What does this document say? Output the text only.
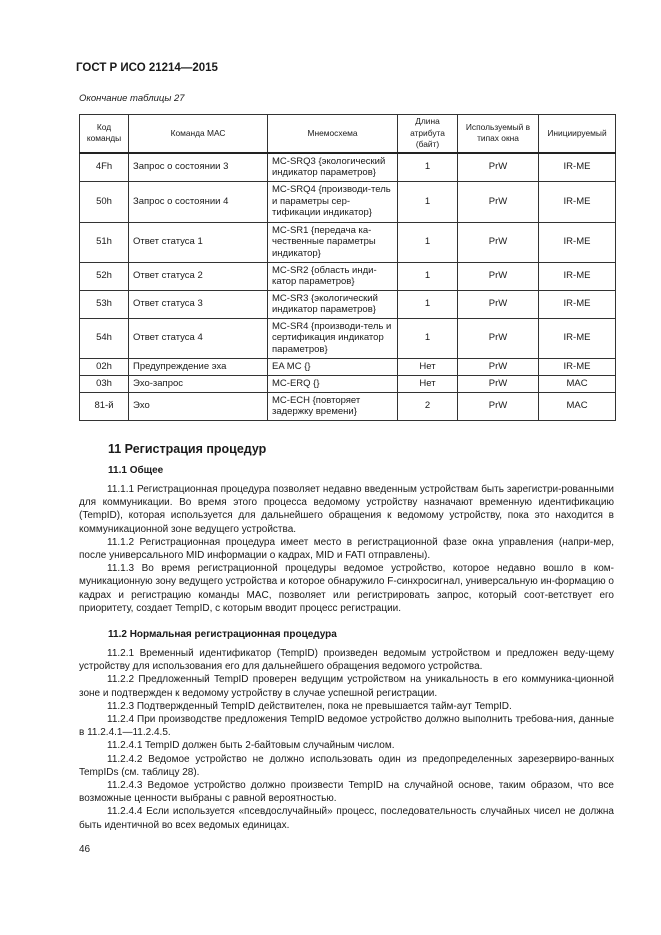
ГОСТ Р ИСО 21214—2015
Окончание таблицы 27
Код команды	Команда МАС	Мнемосхема	Длина атрибута (байт)	Используемый в типах окна	Инициируемый
4Fh	Запрос о состоянии 3	MC-SRQ3 {экологический индикатор параметров}	1	PrW	IR-ME
50h	Запрос о состоянии 4	MC-SRQ4 {производи-тель и параметры сер-тификации индикатор}	1	PrW	IR-ME
51h	Ответ статуса 1	MC-SR1 {передача ка-чественные параметры индикатор}	1	PrW	IR-ME
52h	Ответ статуса 2	MC-SR2 {область инди-катор параметров}	1	PrW	IR-ME
53h	Ответ статуса 3	MC-SR3 {экологический индикатор параметров}	1	PrW	IR-ME
54h	Ответ статуса 4	MC-SR4 {производи-тель и сертификация индикатор параметров}	1	PrW	IR-ME
02h	Предупреждение эха	EA MC {}	Нет	PrW	IR-ME
03h	Эхо-запрос	MC-ERQ {}	Нет	PrW	MAC
81-й	Эхо	MC-ECH {повторяет задержку времени}	2	PrW	MAC
11 Регистрация процедур
11.1 Общее

11.1.1 Регистрационная процедура позволяет недавно введенным устройствам быть зарегистри-рованными для коммуникации. Во время этого процесса ведомому устройству назначают временную идентификацию (TempID), которая используется для дальнейшего обращения к ведомому устройству, пока это находится в коммуникационной зоне ведущего устройства.

11.1.2 Регистрационная процедура имеет место в регистрационной фазе окна управления (напри-мер, после универсального MID информации о кадрах, MID и FATI отправлены).

11.1.3 Во время регистрационной процедуры ведомое устройство, которое недавно вошло в ком-муникационную зону ведущего устройства и которое обнаружило F-синхросигнал, универсальную ин-формацию о кадрах и регистрацию команды MAC, позволяет или регистрировать запрос, который соот-ветствует его приоритету, создает TempID, с которым вводит процесс регистрации.

11.2 Нормальная регистрационная процедура

11.2.1 Временный идентификатор (TempID) произведен ведомым устройством и предложен веду-щему устройству для использования его для дальнейшего обращения ведомого устройства.

11.2.2 Предложенный TempID проверен ведущим устройством на уникальность в его коммуника-ционной зоне и подтвержден к ведомому устройству в случае успешной регистрации.

11.2.3 Подтвержденный TempID действителен, пока не превышается тайм-аут TempID.

11.2.4 При производстве предложения TempID ведомое устройство должно выполнить требова-ния, данные в 11.2.4.1—11.2.4.5.

11.2.4.1 TempID должен быть 2-байтовым случайным числом.

11.2.4.2 Ведомое устройство не должно использовать один из предопределенных зарезервиро-ванных TempIDs (см. таблицу 28).

11.2.4.3 Ведомое устройство должно произвести TempID на случайной основе, таким образом, что все возможные ценности выбраны с равной вероятностью.

11.2.4.4 Если используется «псевдослучайный» процесс, последовательность случайных чисел не должна быть идентичной во всех ведомых единицах.

46
